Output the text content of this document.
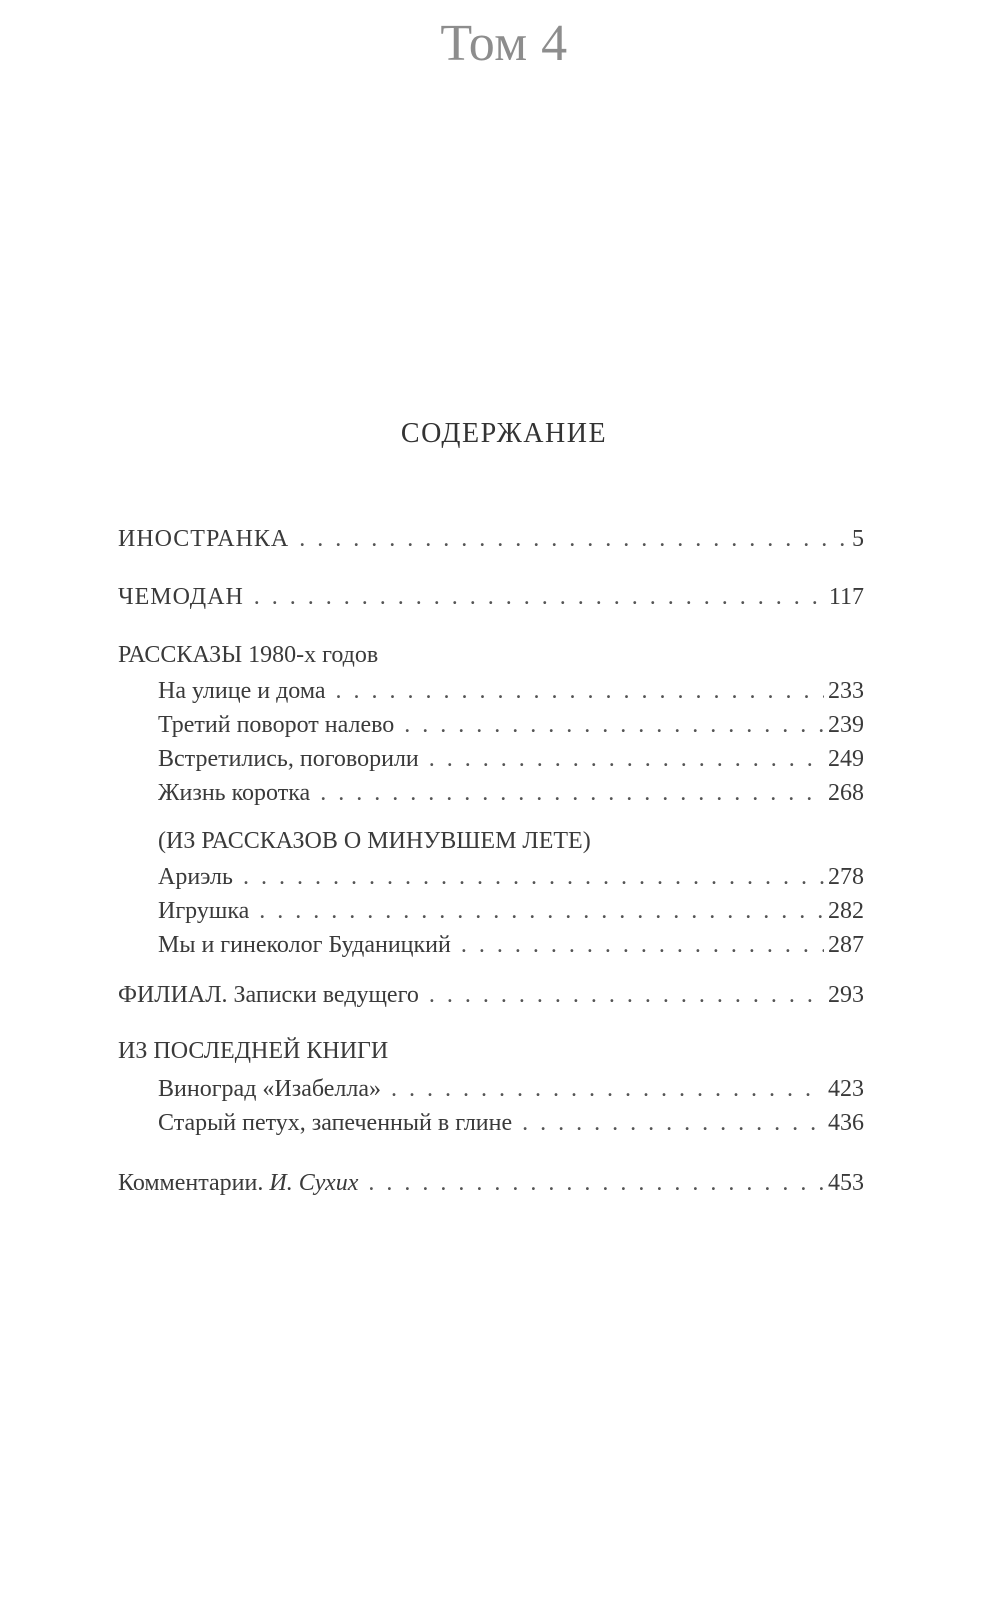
Том 4
СОДЕРЖАНИЕ
ИНОСТРАНКА . . .	5
ЧЕМОДАН . . .	117
РАССКАЗЫ 1980-х годов
На улице и дома . . .	233
Третий поворот налево . . .	239
Встретились, поговорили . . .	249
Жизнь коротка . . .	268
(ИЗ РАССКАЗОВ О МИНУВШЕМ ЛЕТЕ)
Ариэль . . .	278
Игрушка . . .	282
Мы и гинеколог Буданицкий . . .	287
ФИЛИАЛ. Записки ведущего . . .	293
ИЗ ПОСЛЕДНЕЙ КНИГИ
Виноград «Изабелла» . . .	423
Старый петух, запеченный в глине . . .	436
Комментарии. И. Сухих . . .	453
